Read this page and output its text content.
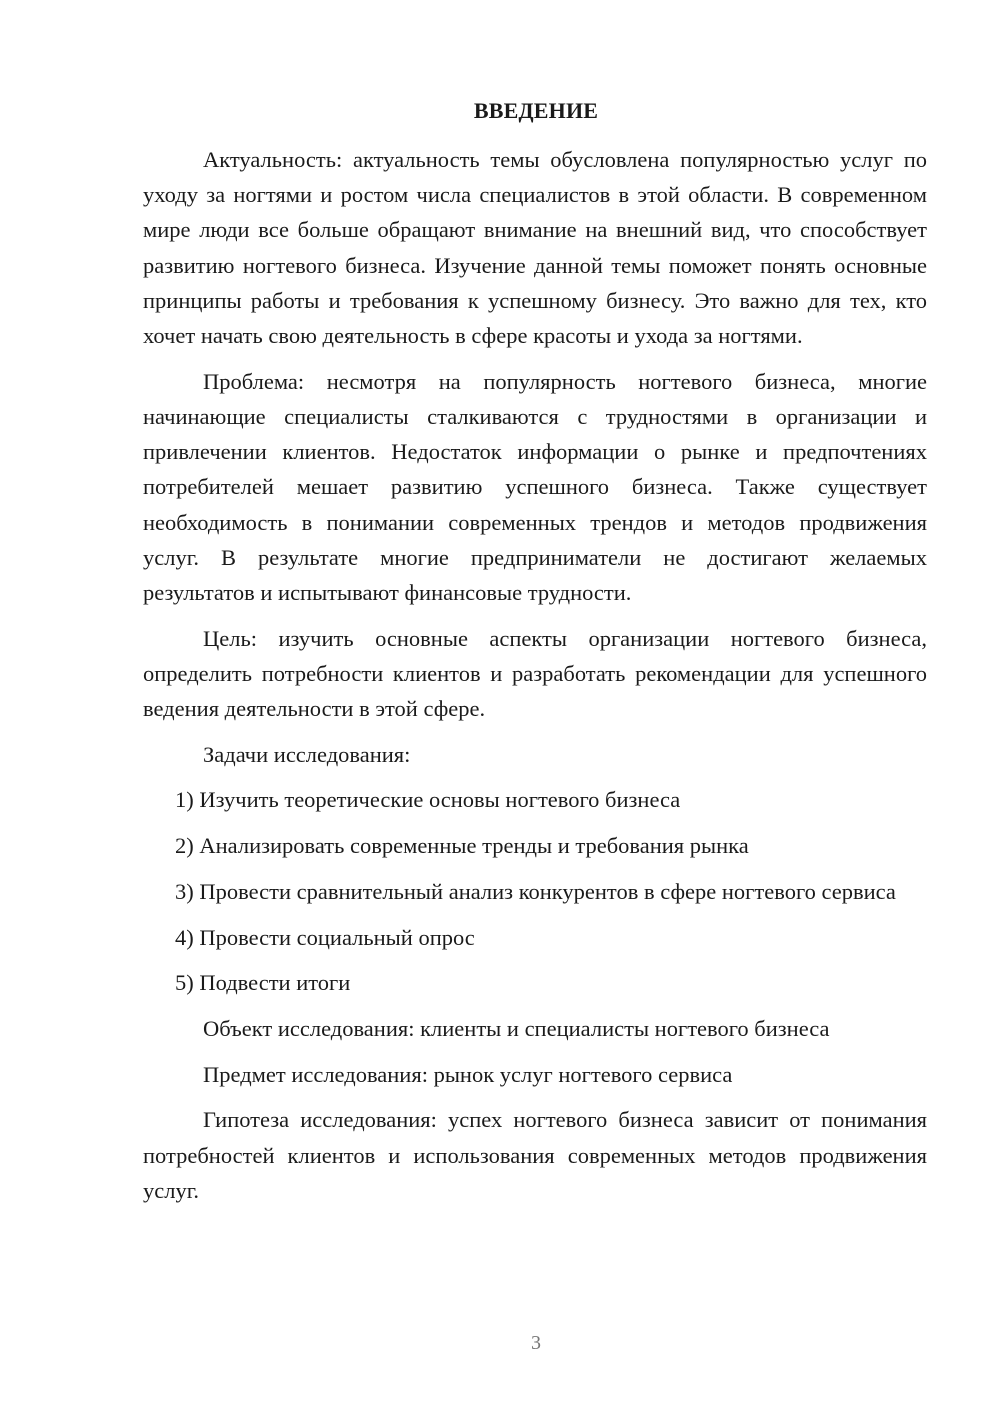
ВВЕДЕНИЕ

Актуальность: актуальность темы обусловлена популярностью услуг по уходу за ногтями и ростом числа специалистов в этой области. В современном мире люди все больше обращают внимание на внешний вид, что способствует развитию ногтевого бизнеса. Изучение данной темы поможет понять основные принципы работы и требования к успешному бизнесу. Это важно для тех, кто хочет начать свою деятельность в сфере красоты и ухода за ногтями.

Проблема: несмотря на популярность ногтевого бизнеса, многие начинающие специалисты сталкиваются с трудностями в организации и привлечении клиентов. Недостаток информации о рынке и предпочтениях потребителей мешает развитию успешного бизнеса. Также существует необходимость в понимании современных трендов и методов продвижения услуг. В результате многие предприниматели не достигают желаемых результатов и испытывают финансовые трудности.

Цель: изучить основные аспекты организации ногтевого бизнеса, определить потребности клиентов и разработать рекомендации для успешного ведения деятельности в этой сфере.

Задачи исследования:

1) Изучить теоретические основы ногтевого бизнеса

2) Анализировать современные тренды и требования рынка

3) Провести сравнительный анализ конкурентов в сфере ногтевого сервиса

4) Провести социальный опрос

5) Подвести итоги

Объект исследования: клиенты и специалисты ногтевого бизнеса

Предмет исследования: рынок услуг ногтевого сервиса

Гипотеза исследования: успех ногтевого бизнеса зависит от понимания потребностей клиентов и использования современных методов продвижения услуг.

3
